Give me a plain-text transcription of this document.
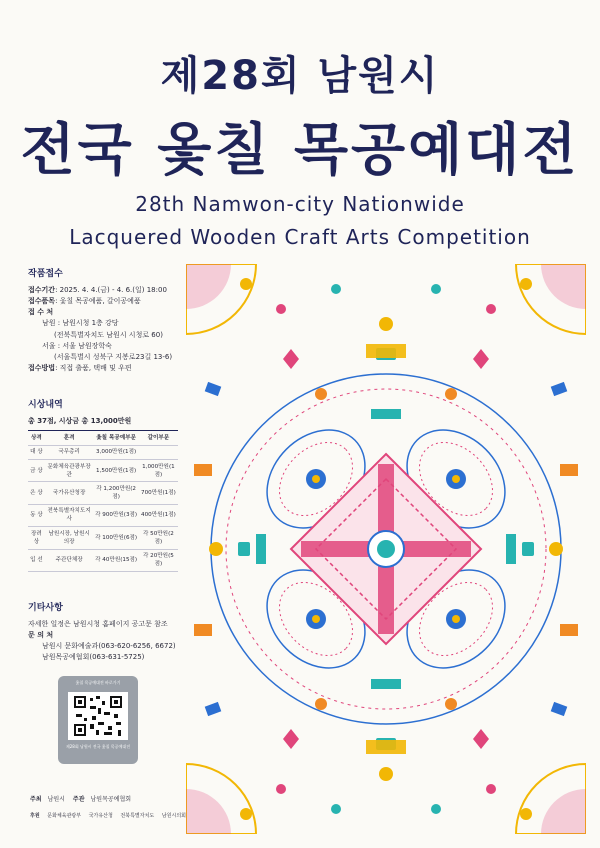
제28회 남원시
전국 옻칠 목공예대전
28th Namwon-city Nationwide
Lacquered Wooden Craft Arts Competition
작품접수
접수기간: 2025. 4. 4.(금) - 4. 6.(일) 18:00
접수품목: 옻칠 목공예품, 갈이공예품
접 수 처
남원 : 남원시청 1층 강당
(전북특별자치도 남원시 시청로 60)
서울 : 서울 남원장학숙
(서울특별시 성북구 지봉로23길 13-6)
접수방법: 직접 출품, 택배 및 우편
시상내역
총 37점, 시상금 총 13,000만원
상격	훈격	옻칠 목공예부문	갈이부문
대 상	국무총리	3,000만원(1점)	
금 상	문화체육관광부장관	1,500만원(1점)	1,000만원(1점)
은 상	국가유산청장	각 1,200만원(2점)	700만원(1점)
동 상	전북특별자치도지사	각 900만원(3점)	400만원(1점)
장려상	남원시장, 남원시의장	각 100만원(6점)	각 50만원(2점)
입 선	주관단체장	각 40만원(15점)	각 20만원(5점)
기타사항
자세한 일정은 남원시청 홈페이지 공고문 참조
문 의 처
남원시 문화예술과(063-620-6256, 6672)
남원목공예협회(063-631-5725)
옻칠 목공예대전 바로가기
제28회 남원시 전국 옻칠 목공예대전
주최 남원시 주관 남원목공예협회
후원 문화체육관광부 국가유산청 전북특별자치도 남원시의회
